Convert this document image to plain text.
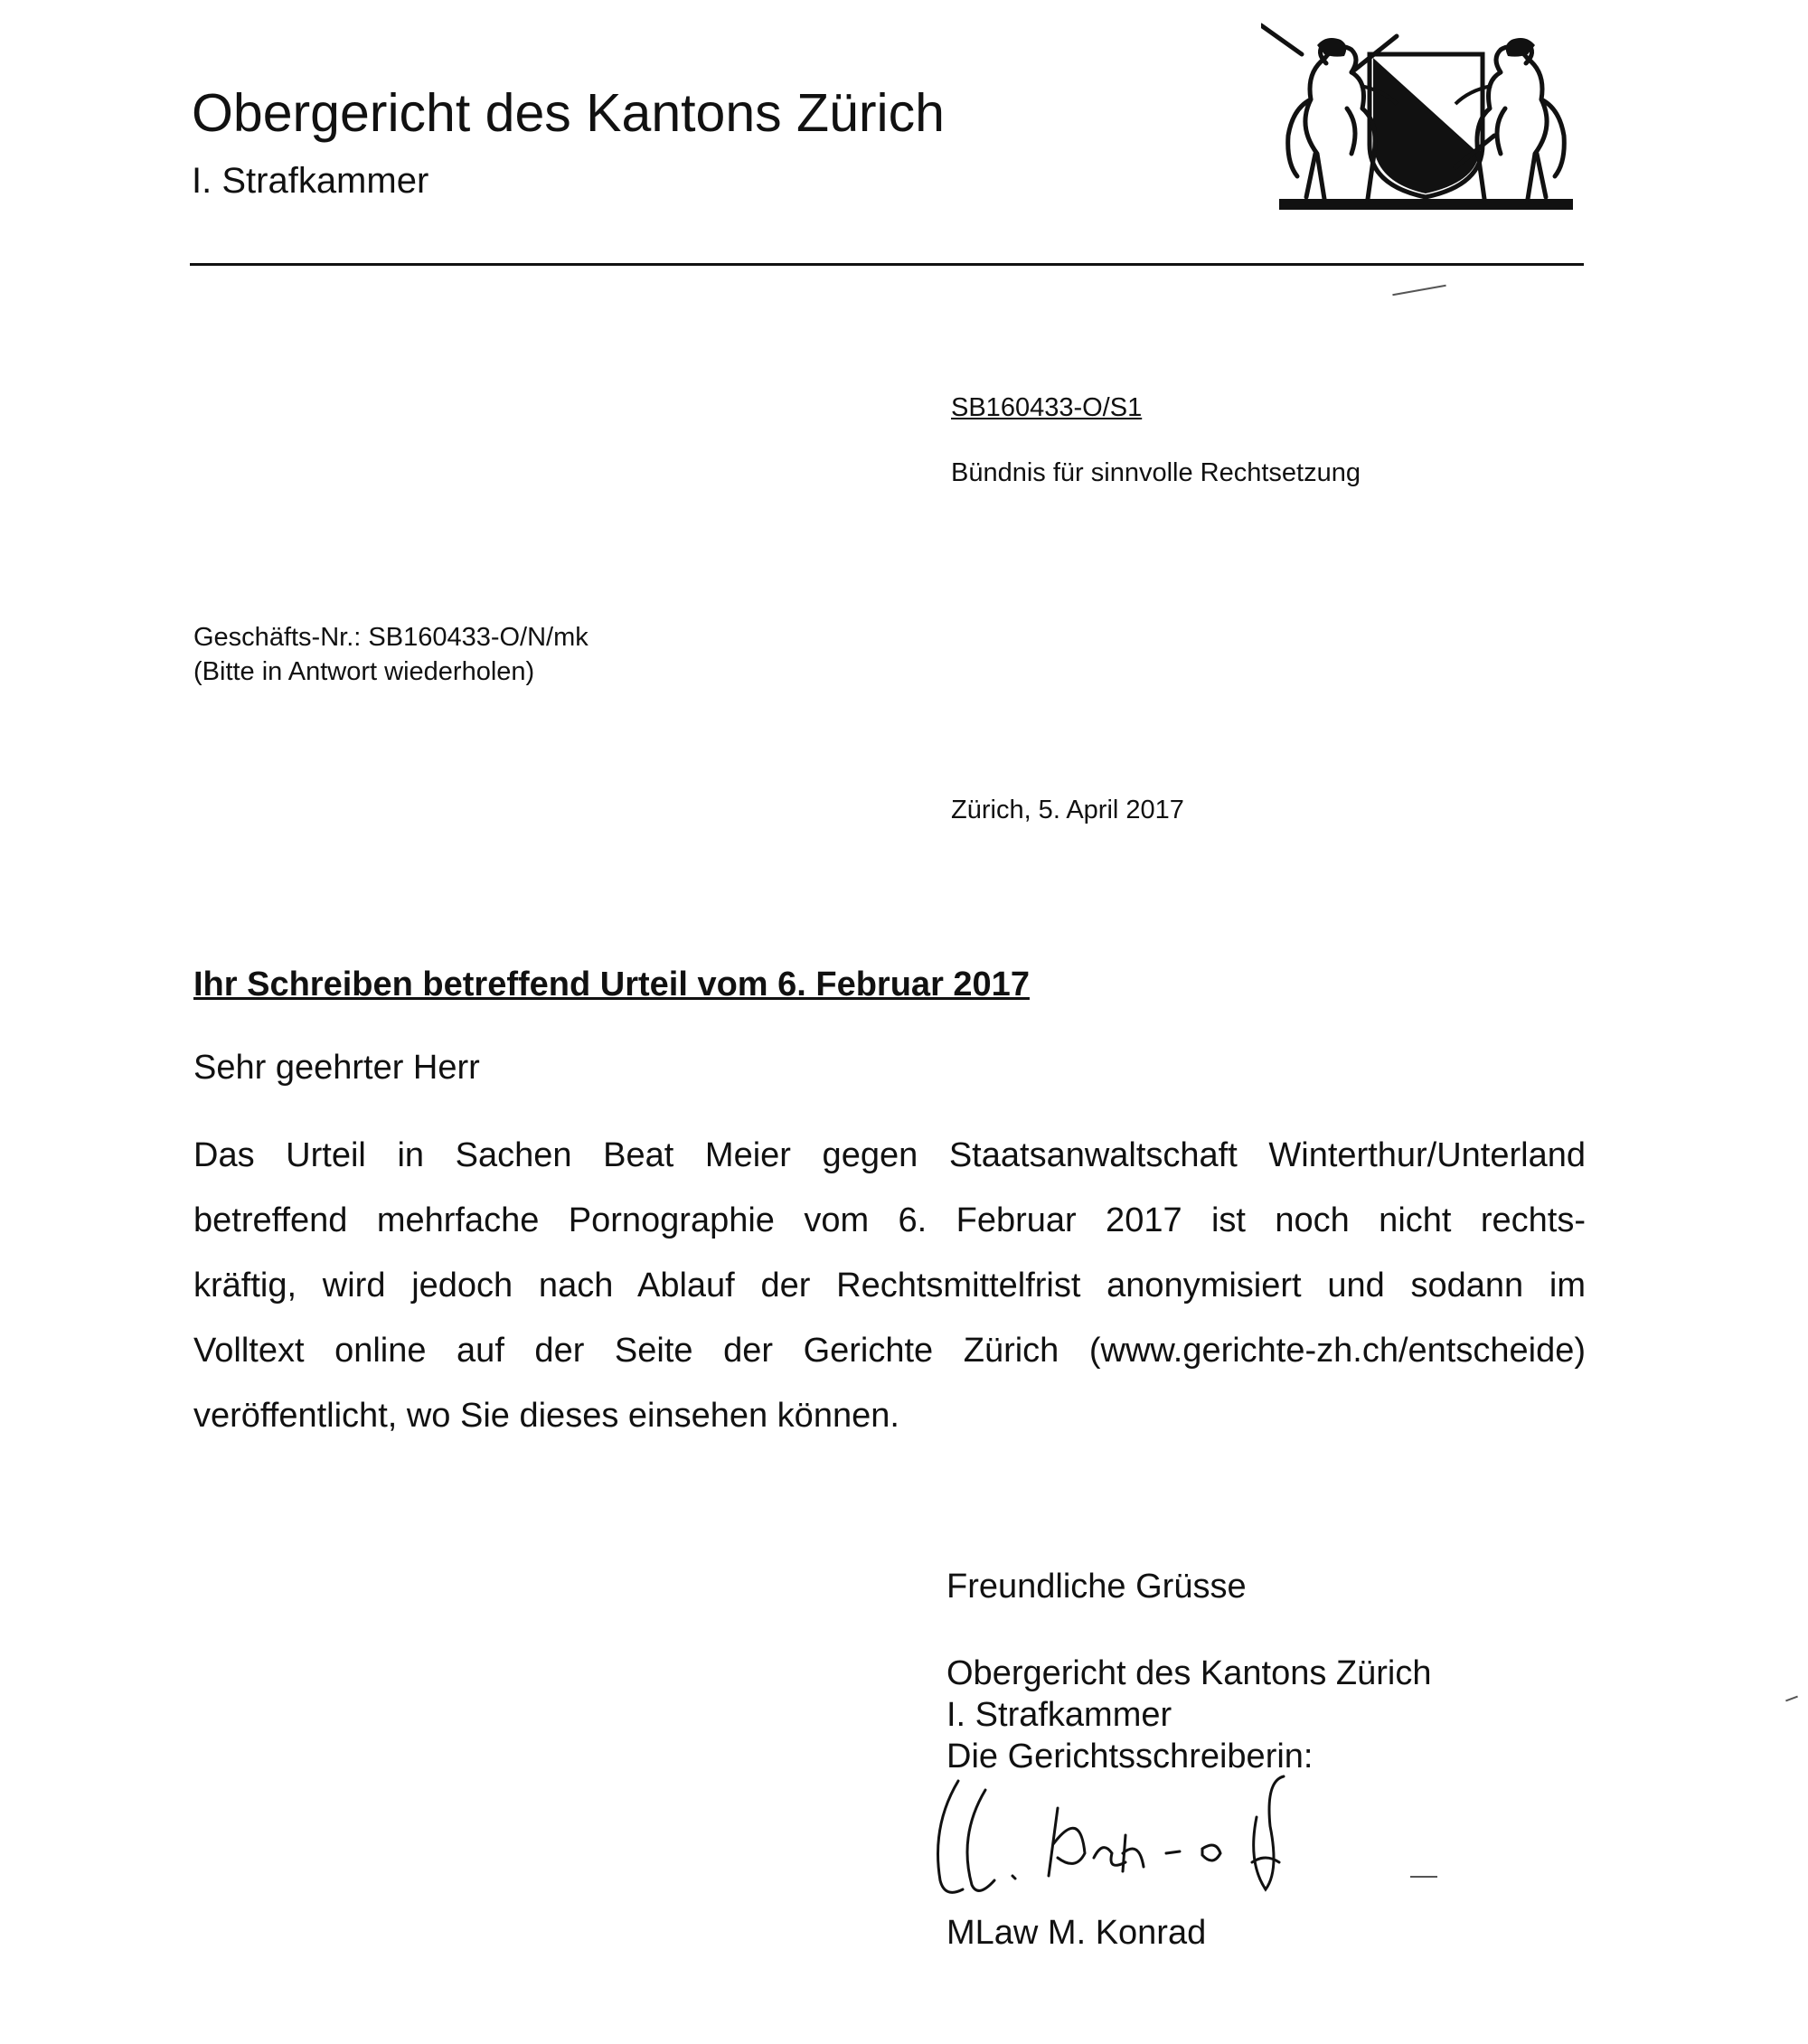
Obergericht des Kantons Zürich
I. Strafkammer
SB160433-O/S1
Bündnis für sinnvolle Rechtsetzung
Geschäfts-Nr.: SB160433-O/N/mk
(Bitte in Antwort wiederholen)
Zürich, 5. April 2017
Ihr Schreiben betreffend Urteil vom 6. Februar 2017
Sehr geehrter Herr
Das Urteil in Sachen Beat Meier gegen Staatsanwaltschaft Winterthur/Unterland
betreffend mehrfache Pornographie vom 6. Februar 2017 ist noch nicht rechts-
kräftig, wird jedoch nach Ablauf der Rechtsmittelfrist anonymisiert und sodann im
Volltext online auf der Seite der Gerichte Zürich (www.gerichte-zh.ch/entscheide)
veröffentlicht, wo Sie dieses einsehen können.
Freundliche Grüsse
Obergericht des Kantons Zürich
I. Strafkammer
Die Gerichtsschreiberin:
MLaw M. Konrad
